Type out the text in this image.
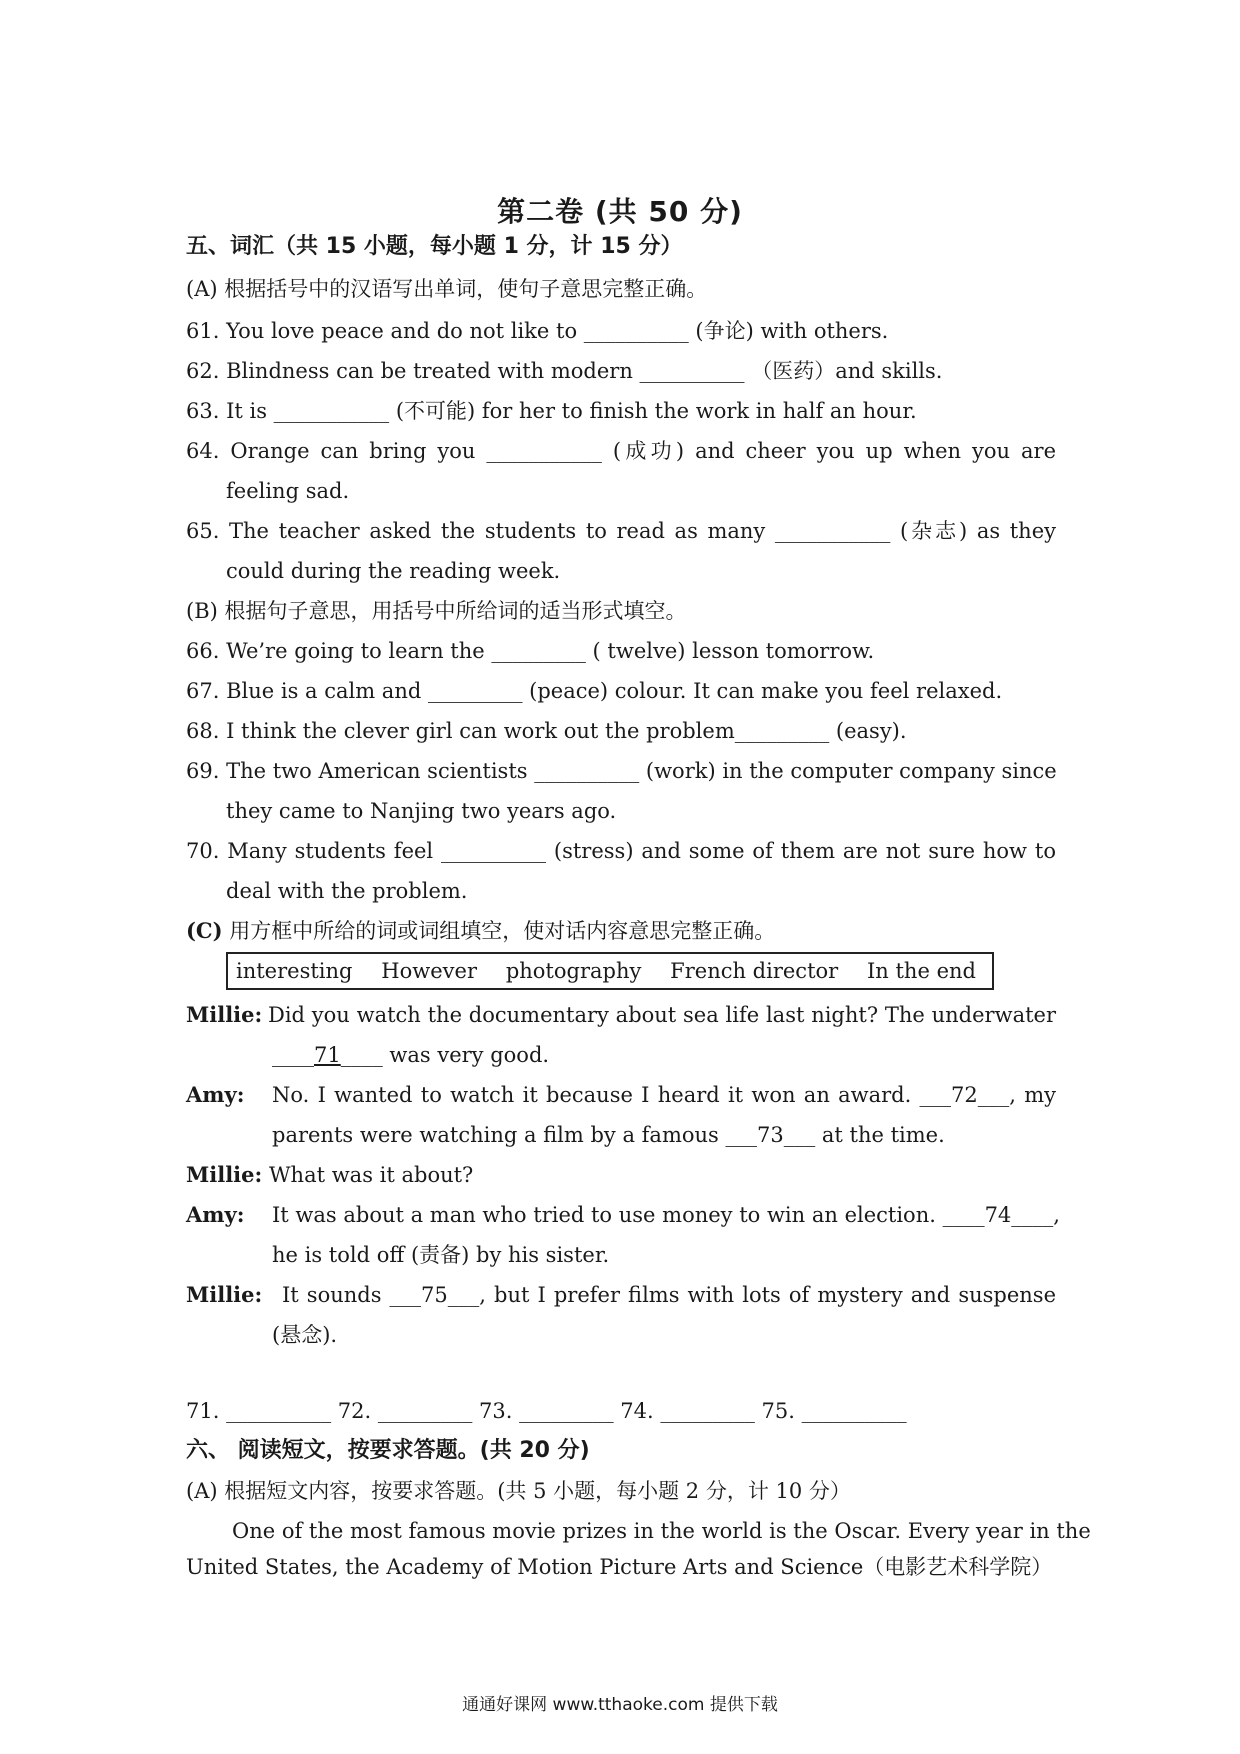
第二卷 (共 50 分)
五、词汇（共 15 小题，每小题 1 分，计 15 分）
(A) 根据括号中的汉语写出单词，使句子意思完整正确。
61. You love peace and do not like to __________ (争论) with others.
62. Blindness can be treated with modern __________ （医药）and skills.
63. It is ___________ (不可能) for her to finish the work in half an hour.
64. Orange can bring you ___________ (成功) and cheer you up when you are
feeling sad.
65. The teacher asked the students to read as many ___________ (杂志) as they
could during the reading week.
(B) 根据句子意思，用括号中所给词的适当形式填空。
66. We’re going to learn the _________ ( twelve) lesson tomorrow.
67. Blue is a calm and _________ (peace) colour. It can make you feel relaxed.
68. I think the clever girl can work out the problem_________ (easy).
69. The two American scientists __________ (work) in the computer company since
they came to Nanjing two years ago.
70. Many students feel __________ (stress) and some of them are not sure how to
deal with the problem.
(C) 用方框中所给的词或词组填空，使对话内容意思完整正确。
interesting However photography French director In the end
Millie: Did you watch the documentary about sea life last night? The underwater
____71____ was very good.
Amy:	No. I wanted to watch it because I heard it won an award. ___72___, my
parents were watching a film by a famous ___73___ at the time.
Millie: What was it about?
Amy:	It was about a man who tried to use money to win an election. ____74____,
he is told off (责备) by his sister.
Millie: It sounds ___75___, but I prefer films with lots of mystery and suspense
(悬念).
71. __________ 72. _________ 73. _________ 74. _________ 75. __________
六、 阅读短文，按要求答题。(共 20 分)
(A) 根据短文内容，按要求答题。(共 5 小题，每小题 2 分，计 10 分）
One of the most famous movie prizes in the world is the Oscar. Every year in the
United States, the Academy of Motion Picture Arts and Science（电影艺术科学院）
通通好课网 www.tthaoke.com 提供下载
